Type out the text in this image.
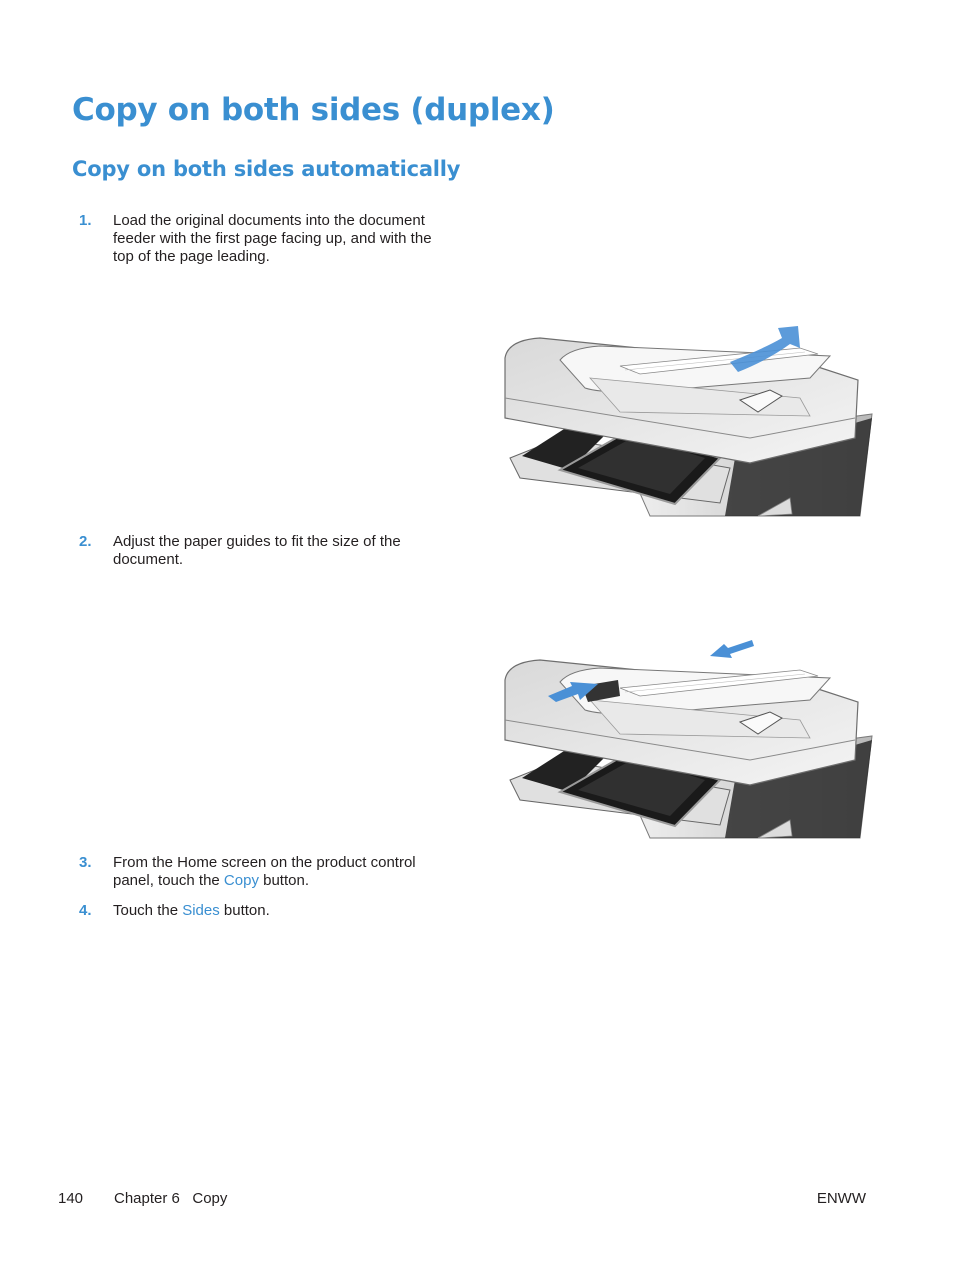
Copy on both sides (duplex)
Copy on both sides automatically
1.	Load the original documents into the document feeder with the first page facing up, and with the top of the page leading.
2.	Adjust the paper guides to fit the size of the document.
3.	From the Home screen on the product control panel, touch the Copy button.
4.	Touch the Sides button.
140 Chapter 6   Copy	ENWW
